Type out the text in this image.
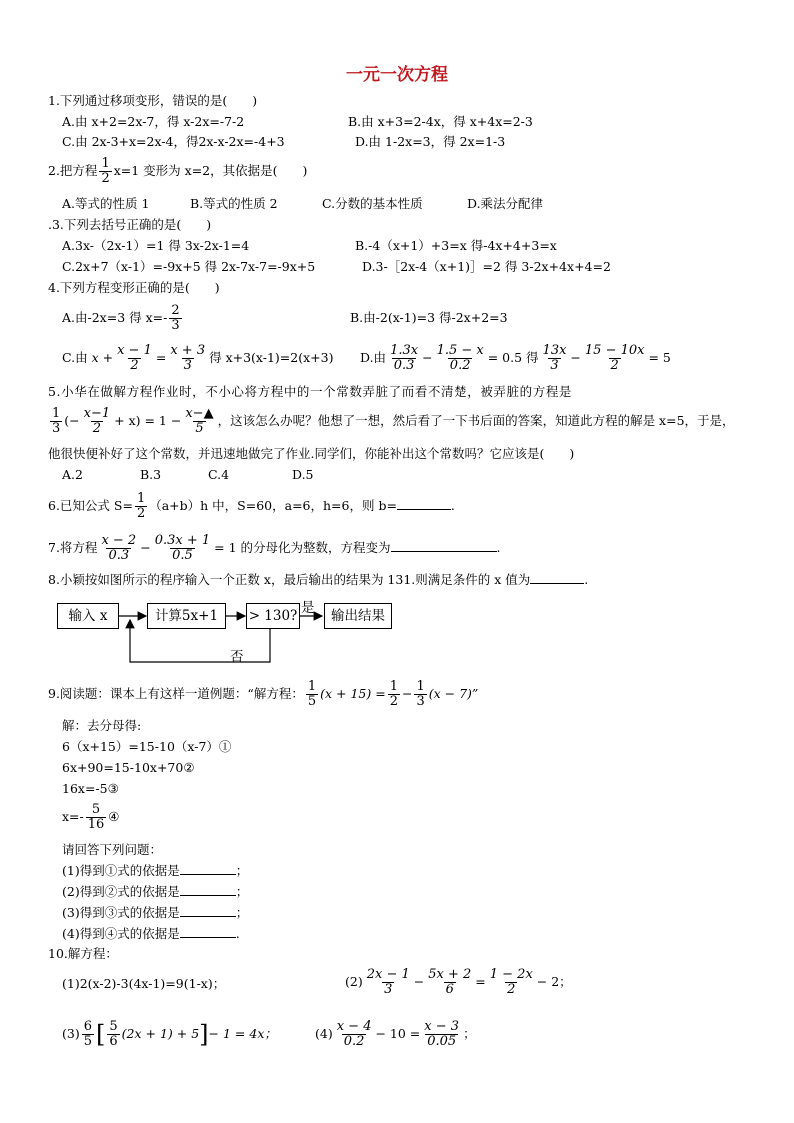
一元一次方程
1.下列通过移项变形，错误的是(　　)
A.由 x+2=2x-7，得 x-2x=-7-2	B.由 x+3=2-4x，得 x+4x=2-3
C.由 2x-3+x=2x-4，得2x-x-2x=-4+3	D.由 1-2x=3，得 2x=1-3
2.把方程 $\frac{1}{2} x=1$ 变形为 x=2，其依据是(　　)
A.等式的性质 1	B.等式的性质 2	C.分数的基本性质	D.乘法分配律
.3.下列去括号正确的是(　　)
A.3x-（2x-1）=1 得 3x-2x-1=4	B.-4（x+1）+3=x 得-4x+4+3=x
C.2x+7（x-1）=-9x+5 得 2x-7x-7=-9x+5	D.3-［2x-4（x+1)］=2 得 3-2x+4x+4=2
4.下列方程变形正确的是(　　)
A.由-2x=3 得 $x=- \frac{2}{3}$	B.由-2(x-1)=3 得-2x+2=3
C.由 $x + \frac{x - 1}{2} = \frac{x + 3}{3}$ 得 x+3(x-1)=2(x+3) D.由 $\frac{1.3x}{0.3} - \frac{1.5 - x}{0.2} = 0.5$ 得 $\frac{13x}{3} - \frac{15 - 10x}{2} = 5$
5.小华在做解方程作业时，不小心将方程中的一个常数弄脏了而看不清楚，被弄脏的方程是
$\frac{1}{3}$ (− $\frac{x-1}{2} + x) = 1 - \frac{x-▲}{5}$ ，这该怎么办呢？他想了一想，然后看了一下书后面的答案，知道此方程的解是 x=5，于是，
他很快便补好了这个常数，并迅速地做完了作业.同学们，你能补出这个常数吗？它应该是(　　)
A.2	B.3	C.4	D.5
6.已知公式 $S= \frac{1}{2} (a+b)h$ 中，S=60，a=6，h=6，则 b=	.
7.将方程 $\frac{x - 2}{0.3} - \frac{0.3x + 1}{0.5} = 1$ 的分母化为整数，方程变为	.
8.小颖按如图所示的程序输入一个正数 x，最后输出的结果为 131.则满足条件的 x 值为	.
输入 x	计算5x+1	> 130?	输出结果
是
否
9.阅读题：课本上有这样一道例题：“解方程： $\frac{1}{5} (x + 15) = \frac{1}{2} - \frac{1}{3} (x - 7)$”
解：去分母得:
6（x+15）=15-10（x-7）①
6x+90=15-10x+70②
16x=-5③
$x=- \frac{5}{16}$ ④
请回答下列问题：
(1)得到①式的依据是	；
(2)得到②式的依据是	；
(3)得到③式的依据是	；
(4)得到④式的依据是	.
10.解方程：
(1)2(x-2)-3(4x-1)=9(1-x)；	$(2) \frac{2x - 1}{3} - \frac{5x + 2}{6} = \frac{1 - 2x}{2} - 2$；
$(3) \frac{6}{5}$ [ $\frac{5}{6} (2x + 1) + 5]- 1 = 4x$；	$(4) \frac{x - 4}{0.2} - 10 = \frac{x - 3}{0.05}$ ；
